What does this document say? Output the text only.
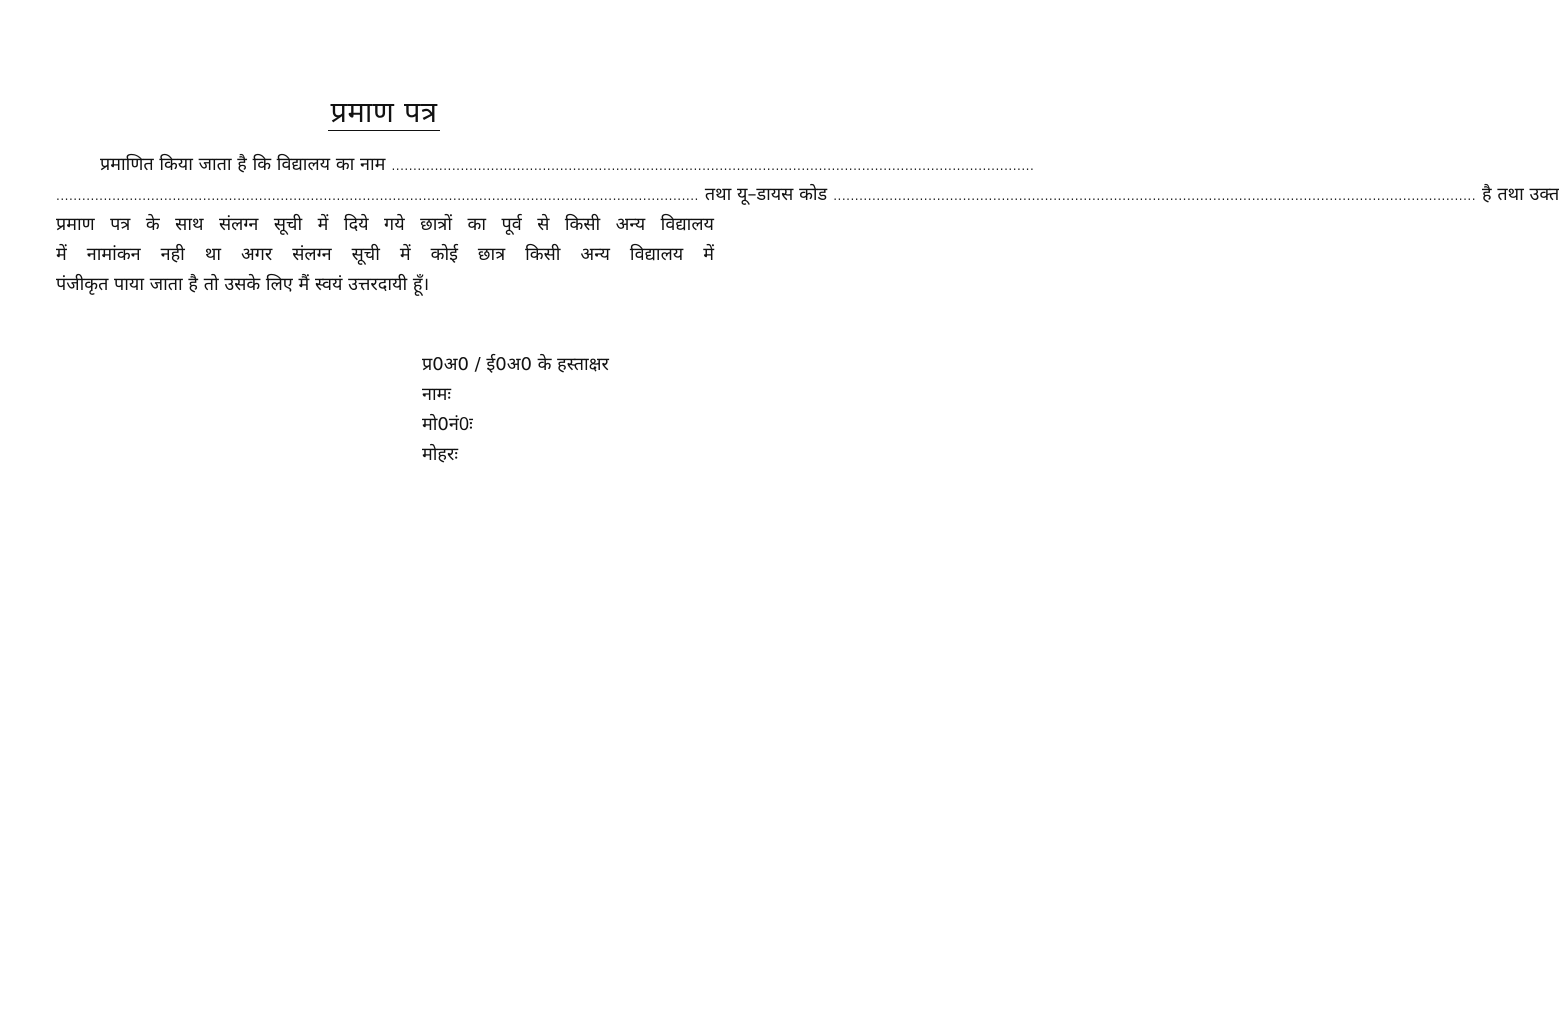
प्रमाण पत्र
प्रमाणित किया जाता है कि विद्यालय का नाम .....................................................................................................................................................
..................................................................................................................................................... तथा यू–डायस कोड ..................................................................................................................................................... है तथा उक्त
प्रमाण पत्र के साथ संलग्न सूची में दिये गये छात्रों का पूर्व से किसी अन्य विद्यालय
में नामांकन नही था अगर संलग्न सूची में कोई छात्र किसी अन्य विद्यालय में
पंजीकृत पाया जाता है तो उसके लिए मैं स्वयं उत्तरदायी हूँ।
प्र0अ0 / ई0अ0 के हस्ताक्षर
नामः
मो0नं0ः
मोहरः
